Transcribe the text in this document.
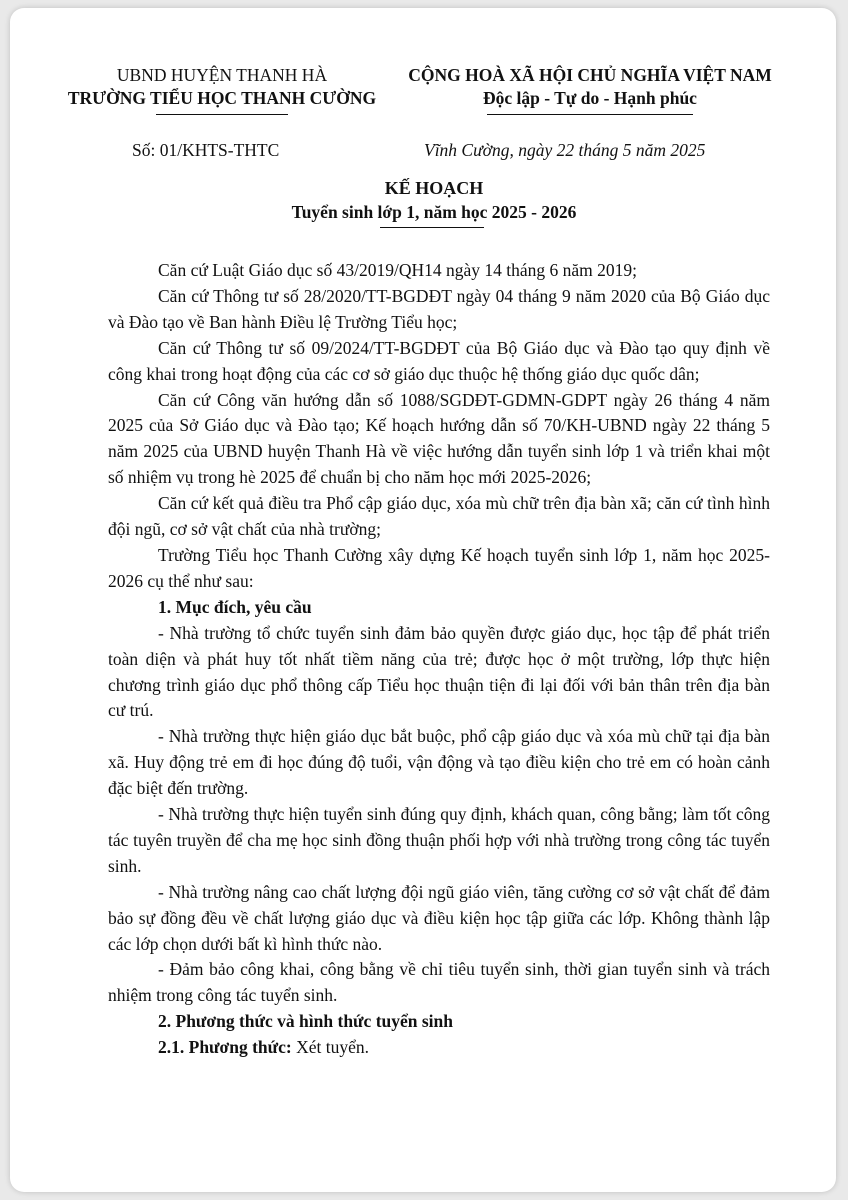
UBND HUYỆN THANH HÀ
TRƯỜNG TIỂU HỌC THANH CƯỜNG
CỘNG HOÀ XÃ HỘI CHỦ NGHĨA VIỆT NAM
Độc lập - Tự do - Hạnh phúc
Số: 01/KHTS-THTC	Vĩnh Cường, ngày 22 tháng 5 năm 2025
KẾ HOẠCH
Tuyển sinh lớp 1, năm học 2025 - 2026

Căn cứ Luật Giáo dục số 43/2019/QH14 ngày 14 tháng 6 năm 2019;

Căn cứ Thông tư số 28/2020/TT-BGDĐT ngày 04 tháng 9 năm 2020 của Bộ Giáo dục và Đào tạo về Ban hành Điều lệ Trường Tiểu học;

Căn cứ Thông tư số 09/2024/TT-BGDĐT của Bộ Giáo dục và Đào tạo quy định về công khai trong hoạt động của các cơ sở giáo dục thuộc hệ thống giáo dục quốc dân;

Căn cứ Công văn hướng dẫn số 1088/SGDĐT-GDMN-GDPT ngày 26 tháng 4 năm 2025 của Sở Giáo dục và Đào tạo; Kế hoạch hướng dẫn số 70/KH-UBND ngày 22 tháng 5 năm 2025 của UBND huyện Thanh Hà về việc hướng dẫn tuyển sinh lớp 1 và triển khai một số nhiệm vụ trong hè 2025 để chuẩn bị cho năm học mới 2025-2026;

Căn cứ kết quả điều tra Phổ cập giáo dục, xóa mù chữ trên địa bàn xã; căn cứ tình hình đội ngũ, cơ sở vật chất của nhà trường;

Trường Tiểu học Thanh Cường xây dựng Kế hoạch tuyển sinh lớp 1, năm học 2025- 2026 cụ thể như sau:

1. Mục đích, yêu cầu

- Nhà trường tổ chức tuyển sinh đảm bảo quyền được giáo dục, học tập để phát triển toàn diện và phát huy tốt nhất tiềm năng của trẻ; được học ở một trường, lớp thực hiện chương trình giáo dục phổ thông cấp Tiểu học thuận tiện đi lại đối với bản thân trên địa bàn cư trú.

- Nhà trường thực hiện giáo dục bắt buộc, phổ cập giáo dục và xóa mù chữ tại địa bàn xã. Huy động trẻ em đi học đúng độ tuổi, vận động và tạo điều kiện cho trẻ em có hoàn cảnh đặc biệt đến trường.

- Nhà trường thực hiện tuyển sinh đúng quy định, khách quan, công bằng; làm tốt công tác tuyên truyền để cha mẹ học sinh đồng thuận phối hợp với nhà trường trong công tác tuyển sinh.

- Nhà trường nâng cao chất lượng đội ngũ giáo viên, tăng cường cơ sở vật chất để đảm bảo sự đồng đều về chất lượng giáo dục và điều kiện học tập giữa các lớp. Không thành lập các lớp chọn dưới bất kì hình thức nào.

- Đảm bảo công khai, công bằng về chỉ tiêu tuyển sinh, thời gian tuyển sinh và trách nhiệm trong công tác tuyển sinh.

2. Phương thức và hình thức tuyển sinh

2.1. Phương thức: Xét tuyển.
